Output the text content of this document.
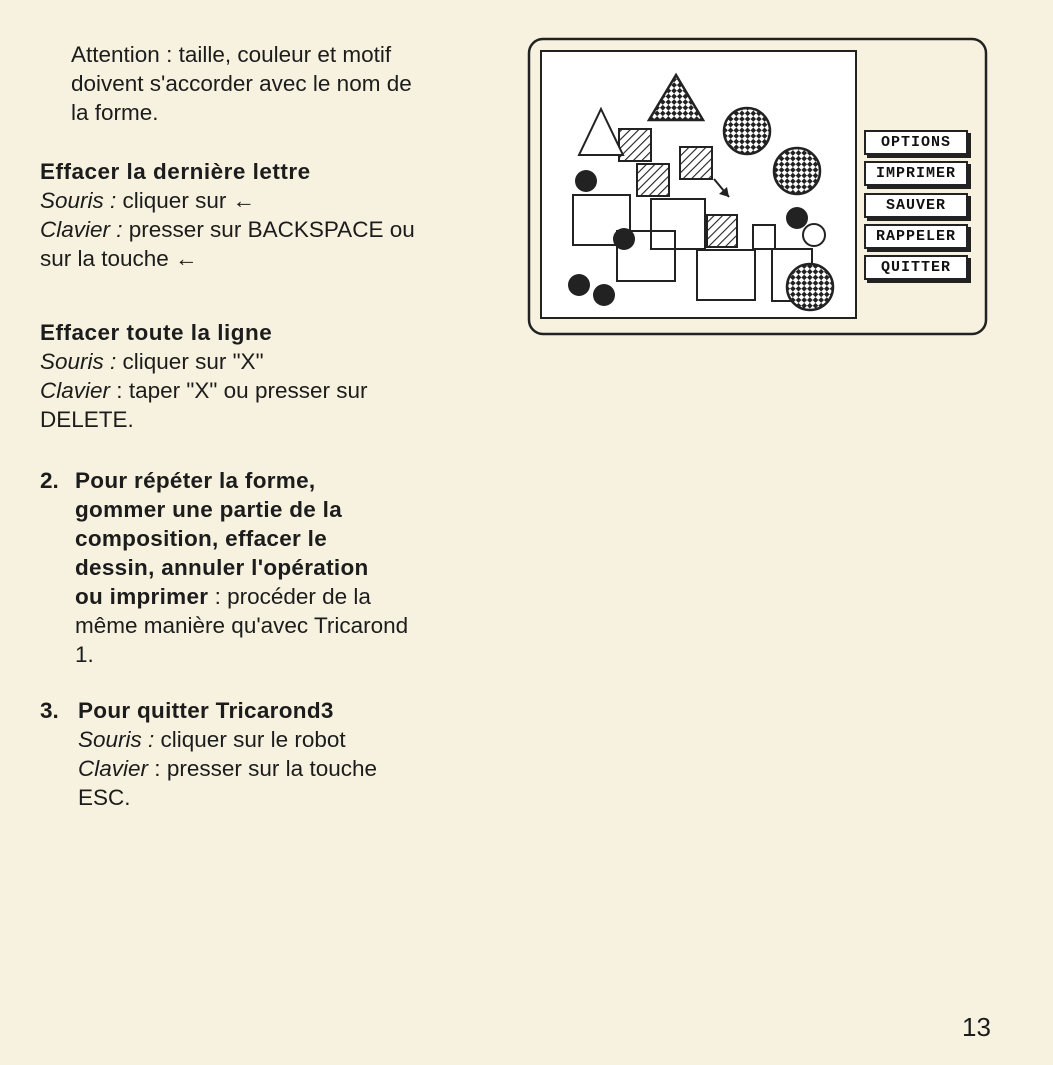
Attention : taille, couleur et motif
doivent s'accorder avec le nom de
la forme.
Effacer la dernière lettre
Souris : cliquer sur ←
Clavier : presser sur BACKSPACE ou
sur la touche ←
Effacer toute la ligne
Souris : cliquer sur "X"
Clavier : taper "X" ou presser sur
DELETE.
2. Pour répéter la forme,
gommer une partie de la
composition, effacer le
dessin, annuler l'opération
ou imprimer : procéder de la
même manière qu'avec Tricarond
1.
3. Pour quitter Tricarond3
Souris : cliquer sur le robot
Clavier : presser sur la touche
ESC.
OPTIONS
IMPRIMER
SAUVER
RAPPELER
QUITTER
13
